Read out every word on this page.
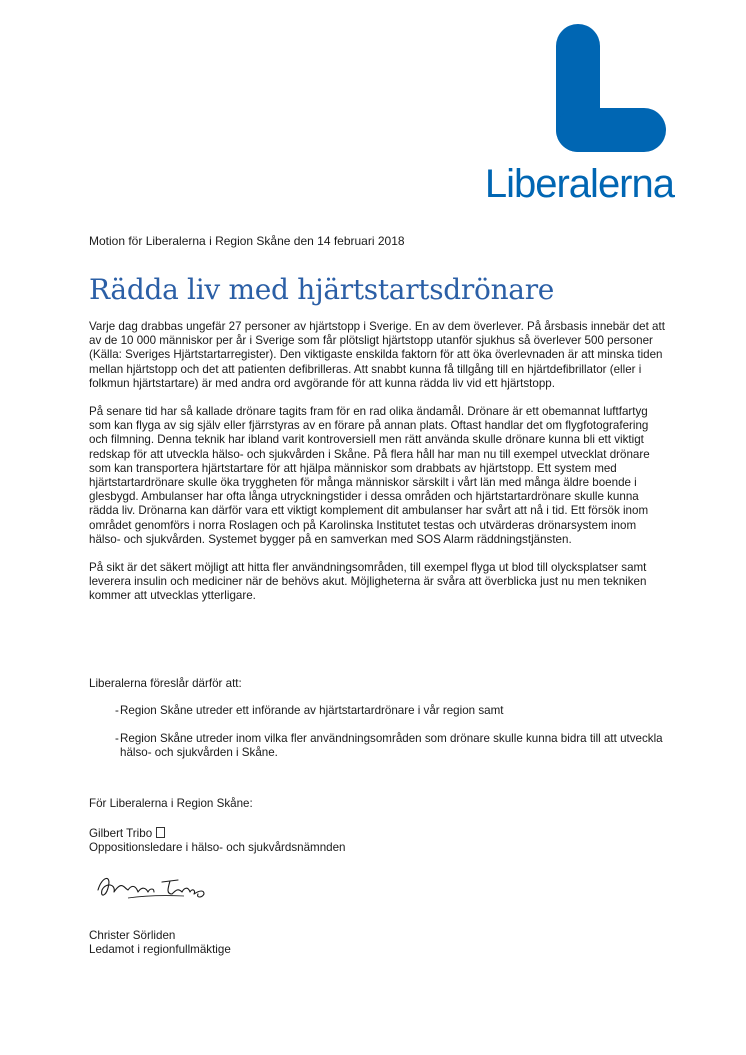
Liberalerna
Motion för Liberalerna i Region Skåne den 14 februari 2018
Rädda liv med hjärtstartsdrönare

Varje dag drabbas ungefär 27 personer av hjärtstopp i Sverige. En av dem överlever. På årsbasis innebär det att av de 10 000 människor per år i Sverige som får plötsligt hjärtstopp utanför sjukhus så överlever 500 personer (Källa: Sveriges Hjärtstartarregister). Den viktigaste enskilda faktorn för att öka överlevnaden är att minska tiden mellan hjärtstopp och det att patienten defibrilleras. Att snabbt kunna få tillgång till en hjärtdefibrillator (eller i folkmun hjärtstartare) är med andra ord avgörande för att kunna rädda liv vid ett hjärtstopp.

På senare tid har så kallade drönare tagits fram för en rad olika ändamål. Drönare är ett obemannat luftfartyg som kan flyga av sig själv eller fjärrstyras av en förare på annan plats. Oftast handlar det om flygfotografering och filmning. Denna teknik har ibland varit kontroversiell men rätt använda skulle drönare kunna bli ett viktigt redskap för att utveckla hälso- och sjukvården i Skåne. På flera håll har man nu till exempel utvecklat drönare som kan transportera hjärtstartare för att hjälpa människor som drabbats av hjärtstopp. Ett system med hjärtstartardrönare skulle öka tryggheten för många människor särskilt i vårt län med många äldre boende i glesbygd. Ambulanser har ofta långa utryckningstider i dessa områden och hjärtstartardrönare skulle kunna rädda liv. Drönarna kan därför vara ett viktigt komplement dit ambulanser har svårt att nå i tid. Ett försök inom området genomförs i norra Roslagen och på Karolinska Institutet testas och utvärderas drönarsystem inom hälso- och sjukvården. Systemet bygger på en samverkan med SOS Alarm räddningstjänsten.

På sikt är det säkert möjligt att hitta fler användningsområden, till exempel flyga ut blod till olycksplatser samt leverera insulin och mediciner när de behövs akut. Möjligheterna är svåra att överblicka just nu men tekniken kommer att utvecklas ytterligare.

Liberalerna föreslår därför att:
- Region Skåne utreder ett införande av hjärtstartardrönare i vår region samt
- Region Skåne utreder inom vilka fler användningsområden som drönare skulle kunna bidra till att utveckla hälso- och sjukvården i Skåne.
För Liberalerna i Region Skåne:
Gilbert Tribo
Oppositionsledare i hälso- och sjukvårdsnämnden
Christer Sörliden
Ledamot i regionfullmäktige
